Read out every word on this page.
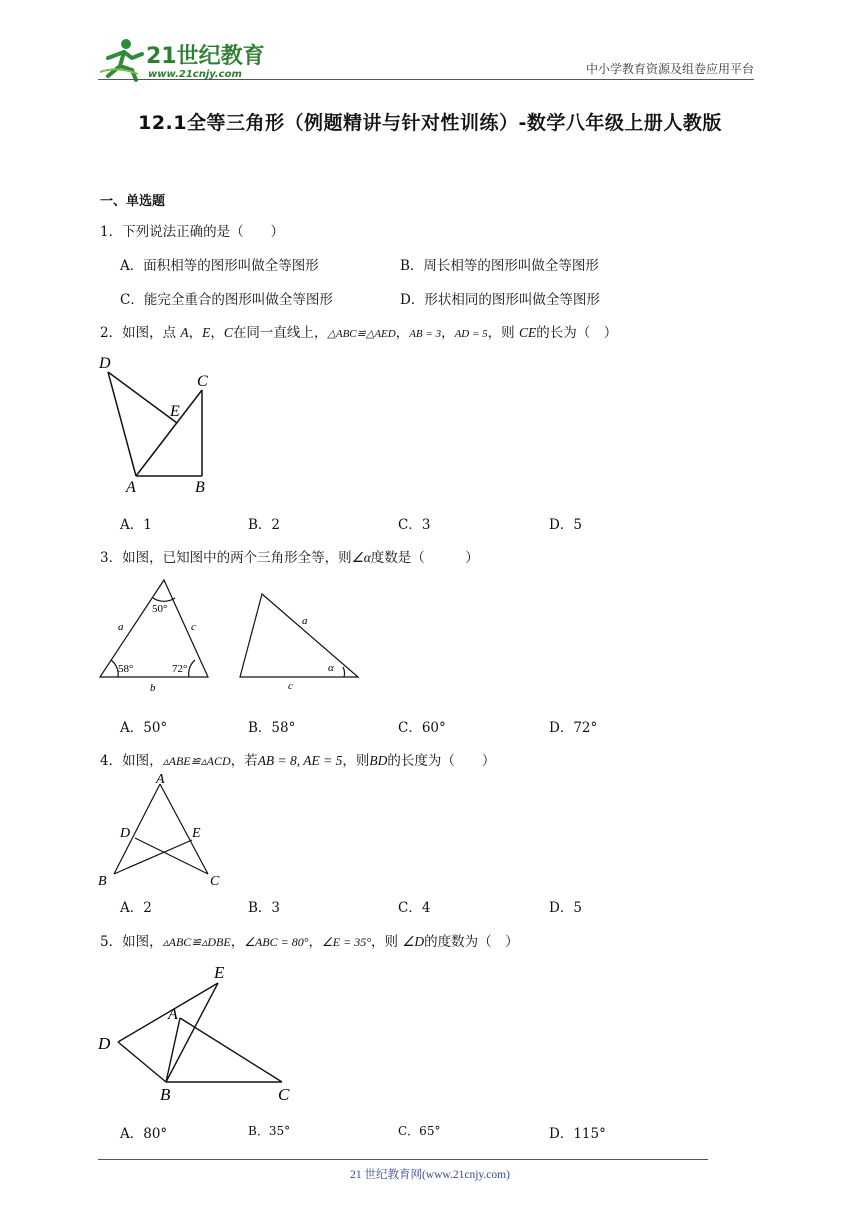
21世纪教育
www.21cnjy.com	中小学教育资源及组卷应用平台
12.1全等三角形（例题精讲与针对性训练）-数学八年级上册人教版
一、单选题
1．下列说法正确的是（　　）
A．面积相等的图形叫做全等图形	B．周长相等的图形叫做全等图形
C．能完全重合的图形叫做全等图形	D．形状相同的图形叫做全等图形
2．如图，点 A，E，C在同一直线上，△ABC≌△AED，AB = 3，AD = 5，则 CE的长为（　）
D
C
E
A	B
A．1	B．2	C．3	D．5
3．如图，已知图中的两个三角形全等，则∠α度数是（　　　）
50°
a	c
58°	72°
b
a
α
c
A．50°	B．58°	C．60°	D．72°
4．如图，▵ABE≌▵ACD，若AB = 8, AE = 5，则BD的长度为（　　）
A
D	E
B	C
A．2	B．3	C．4	D．5
5．如图，▵ABC≌▵DBE，∠ABC = 80°，∠E = 35°，则 ∠D的度数为（　）
E
A
D
B	C
A．80°	B．35°	C．65°	D．115°
21 世纪教育网(www.21cnjy.com)
